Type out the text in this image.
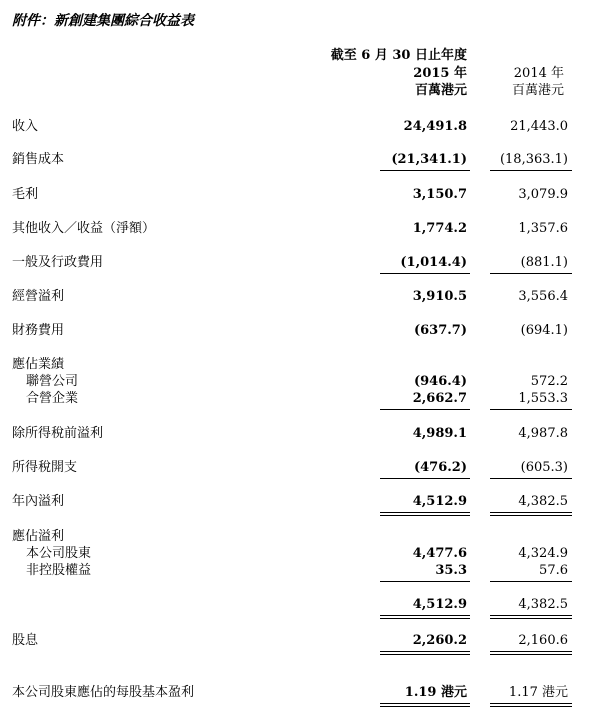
附件：新創建集團綜合收益表
截至 6 月 30 日止年度
2015 年
百萬港元
2014 年
百萬港元
收入	24,491.8	21,443.0
銷售成本	(21,341.1)	(18,363.1)
毛利	3,150.7	3,079.9
其他收入／收益（淨額）	1,774.2	1,357.6
一般及行政費用	(1,014.4)	(881.1)
經營溢利	3,910.5	3,556.4
財務費用	(637.7)	(694.1)
應佔業績
聯營公司	(946.4)	572.2
合營企業	2,662.7	1,553.3
除所得稅前溢利	4,989.1	4,987.8
所得稅開支	(476.2)	(605.3)
年內溢利	4,512.9	4,382.5
應佔溢利
本公司股東	4,477.6	4,324.9
非控股權益	35.3	57.6
4,512.9	4,382.5
股息	2,260.2	2,160.6
本公司股東應佔的每股基本盈利	1.19 港元	1.17 港元
